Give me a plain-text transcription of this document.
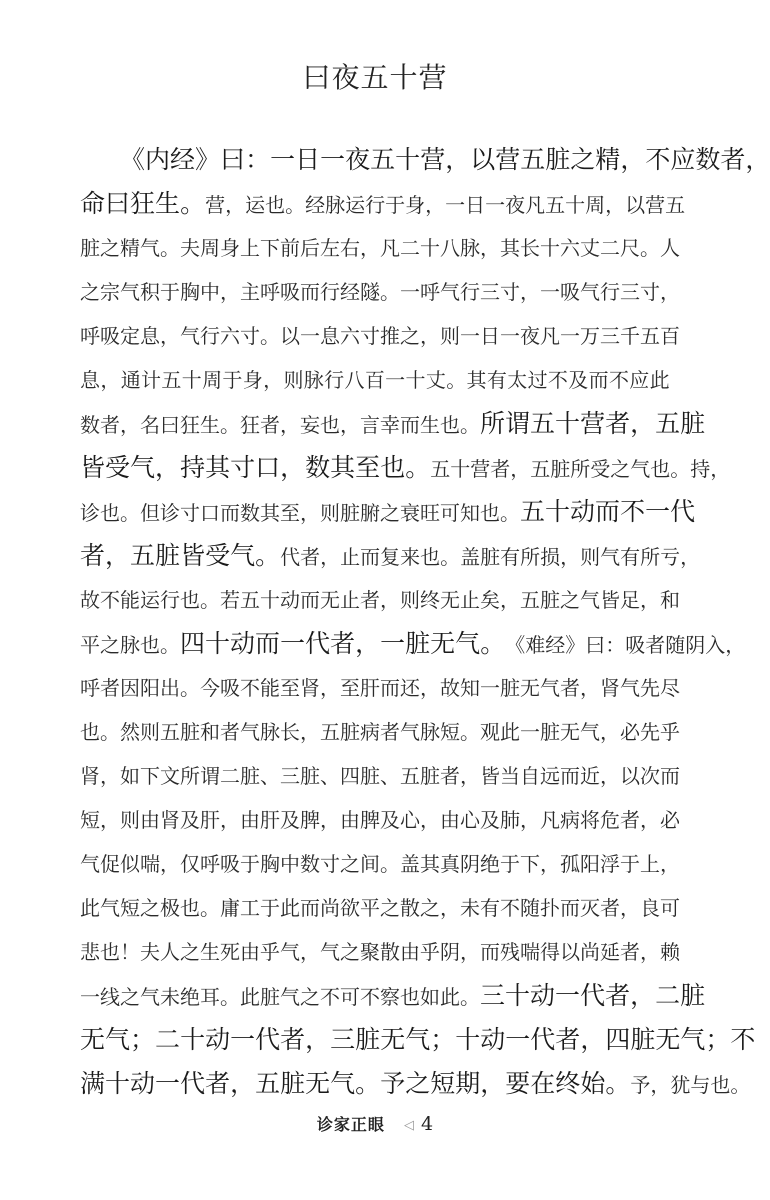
曰夜五十营
《 内 经 》 曰 ： 一 日 一 夜 五 十 营 ， 以 营 五 脏 之 精 ， 不 应 数 者 ，
命 曰 狂 生 。 营 ， 运 也 。 经 脉 运 行 于 身 ， 一 日 一 夜 凡 五 十 周 ， 以 营 五
脏 之 精 气 。 夫 周 身 上 下 前 后 左 右 ， 凡 二 十 八 脉 ， 其 长 十 六 丈 二 尺 。 人
之 宗 气 积 于 胸 中 ， 主 呼 吸 而 行 经 隧 。 一 呼 气 行 三 寸 ， 一 吸 气 行 三 寸 ，
呼 吸 定 息 ， 气 行 六 寸 。 以 一 息 六 寸 推 之 ， 则 一 日 一 夜 凡 一 万 三 千 五 百
息 ， 通 计 五 十 周 于 身 ， 则 脉 行 八 百 一 十 丈 。 其 有 太 过 不 及 而 不 应 此
数 者 ， 名 曰 狂 生 。 狂 者 ， 妄 也 ， 言 幸 而 生 也 。 所 谓 五 十 营 者 ， 五 脏
皆 受 气 ， 持 其 寸 口 ， 数 其 至 也 。 五 十 营 者 ， 五 脏 所 受 之 气 也 。 持 ，
诊 也 。 但 诊 寸 口 而 数 其 至 ， 则 脏 腑 之 衰 旺 可 知 也 。 五 十 动 而 不 一 代
者 ， 五 脏 皆 受 气 。 代 者 ， 止 而 复 来 也 。 盖 脏 有 所 损 ， 则 气 有 所 亏 ，
故 不 能 运 行 也 。 若 五 十 动 而 无 止 者 ， 则 终 无 止 矣 ， 五 脏 之 气 皆 足 ， 和
平 之 脉 也 。 四 十 动 而 一 代 者 ， 一 脏 无 气 。 《 难 经 》 曰 ： 吸 者 随 阴 入 ，
呼 者 因 阳 出 。 今 吸 不 能 至 肾 ， 至 肝 而 还 ， 故 知 一 脏 无 气 者 ， 肾 气 先 尽
也 。 然 则 五 脏 和 者 气 脉 长 ， 五 脏 病 者 气 脉 短 。 观 此 一 脏 无 气 ， 必 先 乎
肾 ， 如 下 文 所 谓 二 脏 、 三 脏 、 四 脏 、 五 脏 者 ， 皆 当 自 远 而 近 ， 以 次 而
短 ， 则 由 肾 及 肝 ， 由 肝 及 脾 ， 由 脾 及 心 ， 由 心 及 肺 ， 凡 病 将 危 者 ， 必
气 促 似 喘 ， 仅 呼 吸 于 胸 中 数 寸 之 间 。 盖 其 真 阴 绝 于 下 ， 孤 阳 浮 于 上 ，
此 气 短 之 极 也 。 庸 工 于 此 而 尚 欲 平 之 散 之 ， 未 有 不 随 扑 而 灭 者 ， 良 可
悲 也 ！ 夫 人 之 生 死 由 乎 气 ， 气 之 聚 散 由 乎 阴 ， 而 残 喘 得 以 尚 延 者 ， 赖
一 线 之 气 未 绝 耳 。 此 脏 气 之 不 可 不 察 也 如 此 。 三 十 动 一 代 者 ， 二 脏
无 气 ； 二 十 动 一 代 者 ， 三 脏 无 气 ； 十 动 一 代 者 ， 四 脏 无 气 ； 不
满 十 动 一 代 者 ， 五 脏 无 气 。 予 之 短 期 ， 要 在 终 始 。 予 ， 犹 与 也 。
诊家正眼 ◁ 4
